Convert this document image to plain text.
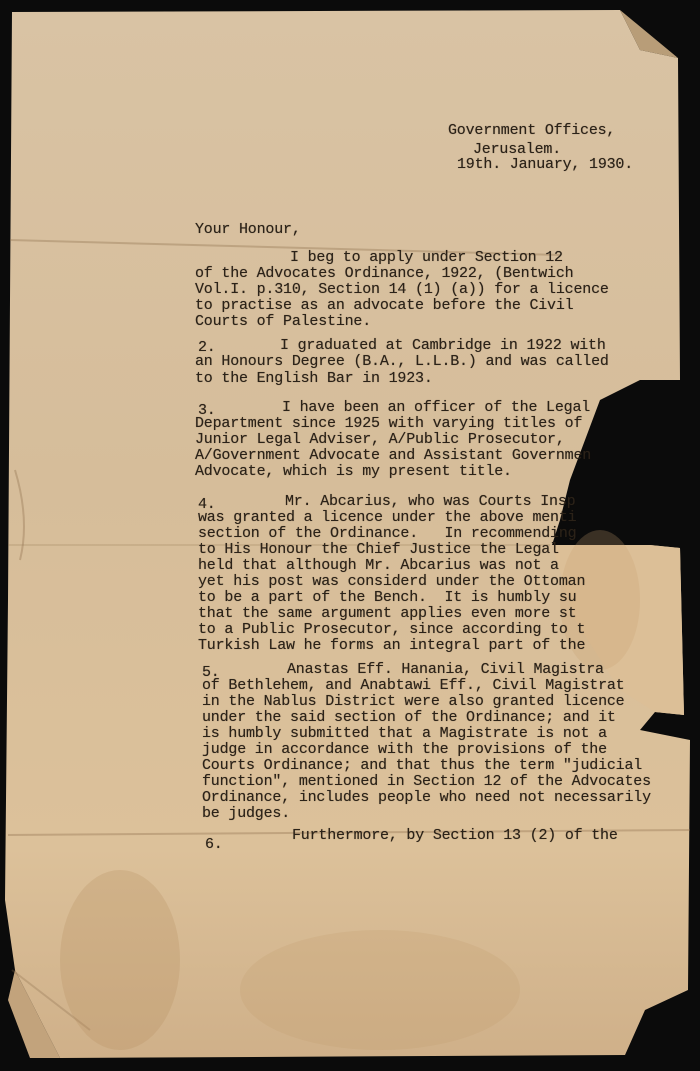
Government Offices,
Jerusalem.
19th. January, 1930.
Your Honour,
I beg to apply under Section 12
of the Advocates Ordinance, 1922, (Bentwich
Vol.I. p.310, Section 14 (1) (a)) for a licence
to practise as an advocate before the Civil
Courts of Palestine.
2.	I graduated at Cambridge in 1922 with
an Honours Degree (B.A., L.L.B.) and was called
to the English Bar in 1923.
3.	I have been an officer of the Legal
Department since 1925 with varying titles of
Junior Legal Adviser, A/Public Prosecutor,
A/Government Advocate and Assistant Governmen
Advocate, which is my present title.
4.	Mr. Abcarius, who was Courts Insp
was granted a licence under the above menti
section of the Ordinance.   In recommending
to His Honour the Chief Justice the Legal
held that although Mr. Abcarius was not a
yet his post was considerd under the Ottoman
to be a part of the Bench.  It is humbly su
that the same argument applies even more st
to a Public Prosecutor, since according to t
Turkish Law he forms an integral part of the
5.	Anastas Eff. Hanania, Civil Magistra
of Bethlehem, and Anabtawi Eff., Civil Magistrat
in the Nablus District were also granted licence
under the said section of the Ordinance; and it
is humbly submitted that a Magistrate is not a
judge in accordance with the provisions of the
Courts Ordinance; and that thus the term "judicial
function", mentioned in Section 12 of the Advocates
Ordinance, includes people who need not necessarily
be judges.
6.
Furthermore, by Section 13 (2) of the
